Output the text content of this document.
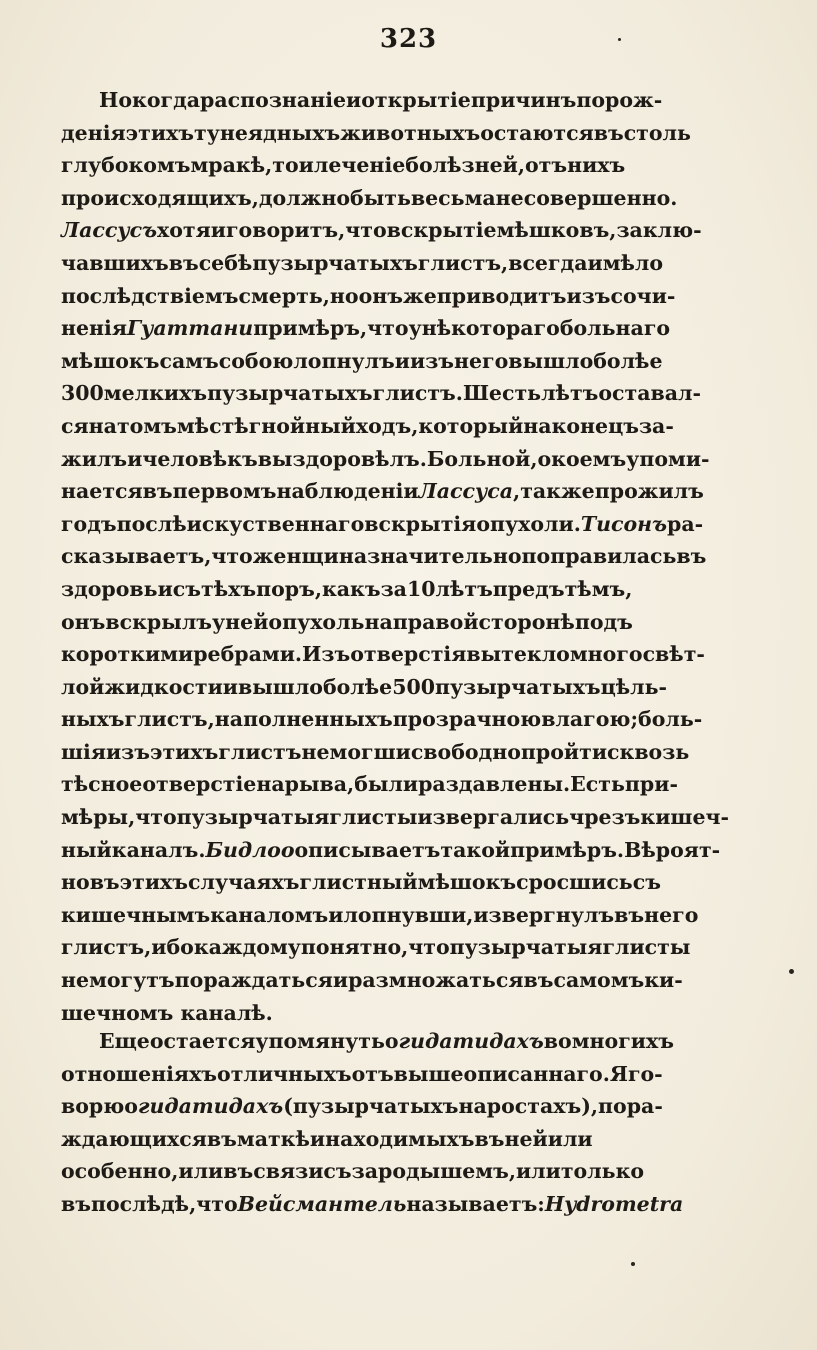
323
Нокогдараспознаніеиоткрытіепричинъпорож-
деніяэтихътунеядныхъживотныхъостаютсявъстоль
глубокомъмракѣ,тоилеченіеболѣзней,отънихъ
происходящихъ,должнобытьвесьманесовершенно.
Лассусъхотяиговоритъ,чтовскрытіемѣшковъ,заклю-
чавшихъвъсебѣпузырчатыхъглистъ,всегдаимѣло
послѣдствіемъсмерть,ноонъжеприводитъизъсочи-
неніяГуаттанипримѣръ,чтоунѣкоторагобольнаго
мѣшокъсамъсобоюлопнулъиизънеговышлоболѣе
300мелкихъпузырчатыхъглистъ.Шестьлѣтъоставал-
сянатомъмѣстѣгнойныйходъ,которыйнаконецъза-
жилъичеловѣкъвыздоровѣлъ.Больной,окоемъупоми-
наетсявъпервомънаблюденіиЛассуса,такжепрожилъ
годъпослѣискуственнаговскрытіяопухоли.Тисонъра-
сказываетъ,чтоженщиназначительнопоправиласьвъ
здоровьисътѣхъпоръ,какъза10лѣтъпредътѣмъ,
онъвскрылъунейопухольнаправойсторонѣподъ
короткимиребрами.Изъотверстіявытекломногосвѣт-
лойжидкостиивышлоболѣе500пузырчатыхъцѣль-
ныхъглистъ,наполненныхъпрозрачноювлагою;боль-
шіяизъэтихъглистънемогшисвободнопройтисквозь
тѣсноеотверстіенарыва,былираздавлены.Естьпри-
мѣры,чтопузырчатыяглистыизвергалисьчрезъкишеч-
ныйканалъ.Бидлооописываетътакойпримѣръ.Вѣроят-
новъэтихъслучаяхъглистныймѣшокъсросшисьсъ
кишечнымъканаломъилопнувши,извергнулъвънего
глистъ,ибокаждомупонятно,чтопузырчатыяглисты
немогутъпораждатьсяиразмножатьсявъсамомъки-
шечномъ каналѣ.
Ещеостаетсяупомянутьогидатидахъвомногихъ
отношеніяхъотличныхъотъвышеописаннаго.Яго-
ворюогидатидахъ(пузырчатыхънаростахъ),пора-
ждающихсявъматкѣинаходимыхъвънейили
особенно,иливъсвязисъзародышемъ,илитолько
въпослѣдѣ,чтоВейсмантельназываетъ:Hydrometra
